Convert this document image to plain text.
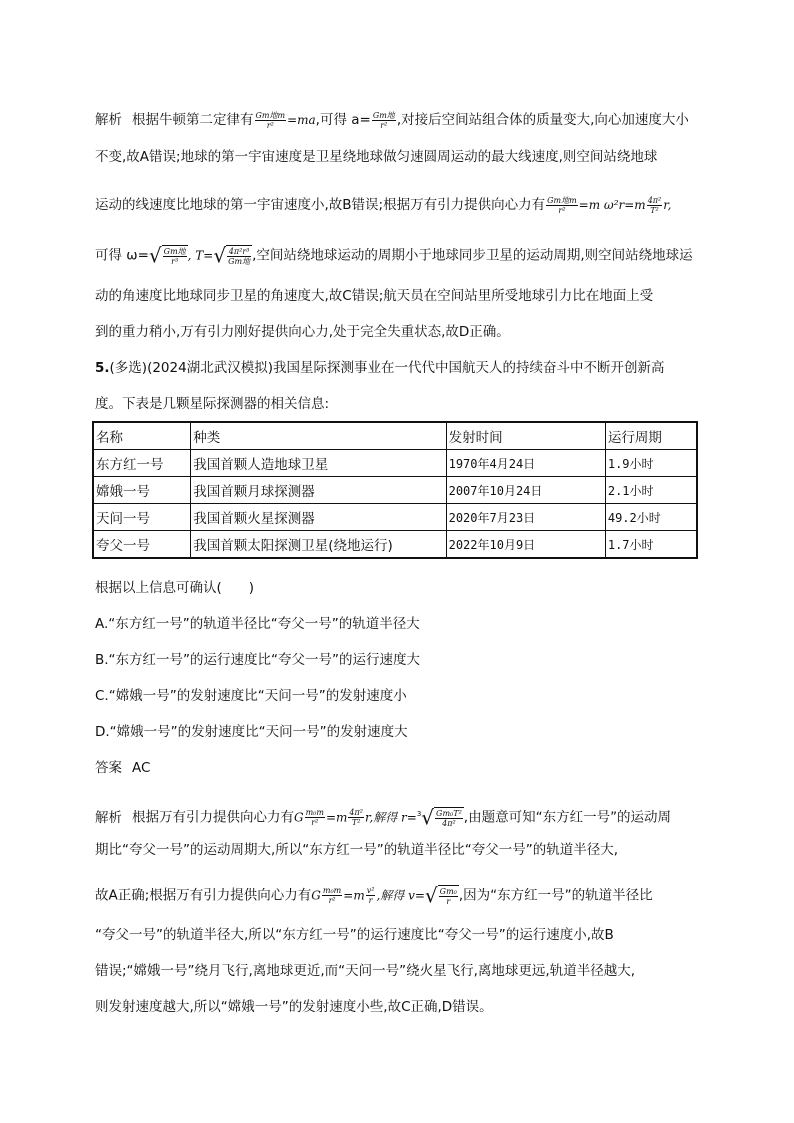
解析 根据牛顿第二定律有 $\frac{\text{Gm地m}}{\text{r²}} =ma$,可得 $a= \frac{\text{Gm地}}{\text{r²}}$ ,对接后空间站组合体的质量变大,向心加速度大小
不变,故A错误;地球的第一宇宙速度是卫星绕地球做匀速圆周运动的最大线速度,则空间站绕地球
运动的线速度比地球的第一宇宙速度小,故B错误;根据万有引力提供向心力有 $\frac{\text{Gm地m}}{\text{r²}} =m$ $\omega^2r=m \frac{\text{4π²}}{\text{T²}} r$,
可得 $\omega=√ \frac{\text{Gm地}}{\text{r³}}$ , $T=√ \frac{\text{4π²r³}}{\text{Gm地}}$ ,空间站绕地球运动的周期小于地球同步卫星的运动周期,则空间站绕地球运
动的角速度比地球同步卫星的角速度大,故C错误;航天员在空间站里所受地球引力比在地面上受
到的重力稍小,万有引力刚好提供向心力,处于完全失重状态,故D正确。
5.(多选)(2024湖北武汉模拟)我国星际探测事业在一代代中国航天人的持续奋斗中不断开创新高
度。下表是几颗星际探测器的相关信息:
名称	种类	发射时间	运行周期
东方红一号	我国首颗人造地球卫星	1970年4月24日	1.9小时
嫦娥一号	我国首颗月球探测器	2007年10月24日	2.1小时
天问一号	我国首颗火星探测器	2020年7月23日	49.2小时
夸父一号	我国首颗太阳探测卫星(绕地运行)	2022年10月9日	1.7小时
根据以上信息可确认(　　)
A.“东方红一号”的轨道半径比“夸父一号”的轨道半径大
B.“东方红一号”的运行速度比“夸父一号”的运行速度大
C.“嫦娥一号”的发射速度比“天问一号”的发射速度小
D.“嫦娥一号”的发射速度比“天问一号”的发射速度大
答案 AC
解析 根据万有引力提供向心力有G $\frac{\text{m₀m}}{\text{r²}} =m \frac{\text{4π²}}{\text{T²}} r$,解得 $r=^3√ \frac{\text{Gm₀T²}}{\text{4π²}}$ ,由题意可知“东方红一号”的运动周
期比“夸父一号”的运动周期大,所以“东方红一号”的轨道半径比“夸父一号”的轨道半径大,
故A正确;根据万有引力提供向心力有G $\frac{\text{m₀m}}{\text{r²}} =m \frac{\text{v²}}{r}$ ,解得 $v=√ \frac{\text{Gm₀}}{r}$ ,因为“东方红一号”的轨道半径比
“夸父一号”的轨道半径大,所以“东方红一号”的运行速度比“夸父一号”的运行速度小,故B
错误;“嫦娥一号”绕月飞行,离地球更近,而“天问一号”绕火星飞行,离地球更远,轨道半径越大,
则发射速度越大,所以“嫦娥一号”的发射速度小些,故C正确,D错误。
